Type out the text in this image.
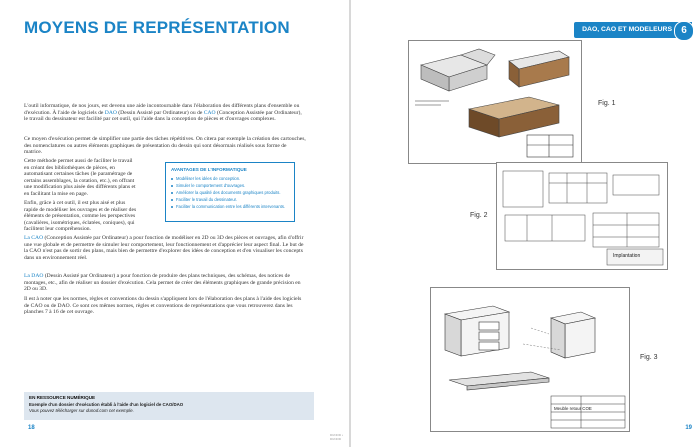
MOYENS DE REPRÉSENTATION
L'outil informatique, de nos jours, est devenu une aide incontournable dans l'élaboration des différents plans d'ensemble ou d'exécution. À l'aide de logiciels de DAO (Dessin Assisté par Ordinateur) ou de CAO (Conception Assistée par Ordinateur), le travail du dessinateur est facilité par cet outil, qui l'aide dans la conception de pièces et d'ouvrages complexes.
Ce moyen d'exécution permet de simplifier une partie des tâches répétitives. On citera par exemple la création des cartouches, des nomenclatures ou autres éléments graphiques de présentation du dessin qui sont désormais réalisés sous forme de matrice.
Cette méthode permet aussi de faciliter le travail en créant des bibliothèques de pièces, en automatisant certaines tâches (le paramétrage de certains assemblages, la cotation, etc.), en offrant une modification plus aisée des différents plans et en facilitant la mise en page.
Enfin, grâce à cet outil, il est plus aisé et plus rapide de modéliser les ouvrages et de réaliser des éléments de présentation, comme les perspectives (cavalières, isométriques, éclatées, coniques), qui facilitent leur compréhension.
La CAO (Conception Assistée par Ordinateur) a pour fonction de modéliser en 2D ou 3D des pièces et ouvrages, afin d'offrir une vue globale et de permettre de simuler leur comportement, leur fonctionnement et d'apprécier leur aspect final. Le but de la CAO n'est pas de sortir des plans, mais bien de permettre d'explorer des idées de conception et d'en visualiser les concepts dans un environnement réel.
La DAO (Dessin Assisté par Ordinateur) a pour fonction de produire des plans techniques, des schémas, des notices de montages, etc., afin de réaliser un dossier d'exécution. Cela permet de créer des éléments graphiques de grande précision en 2D ou 3D.
Il est à noter que les normes, règles et conventions du dessin s'appliquent lors de l'élaboration des plans à l'aide des logiciels de CAO ou de DAO. Ce sont ces mêmes normes, règles et conventions de représentations que vous retrouverez dans les planches 7 à 16 de cet ouvrage.
AVANTAGES DE L'INFORMATIQUE
Modéliser les idées de conception.
Simuler le comportement d'ouvrages.
Améliorer la qualité des documents graphiques produits.
Faciliter le travail du dessinateur.
Faciliter la communication entre les différents intervenants.
EN RESSOURCE NUMÉRIQUE
Exemple d'un dossier d'exécution établi à l'aide d'un logiciel de CAO/DAO
Vous pouvez télécharger sur dunod.com cet exemple.
18
DUNOD • DUNOD
DAO, CAO ET MODELEURS 6
19
Fig. 1
Implantation
Fig. 2
Meuble retour COE
Fig. 3
